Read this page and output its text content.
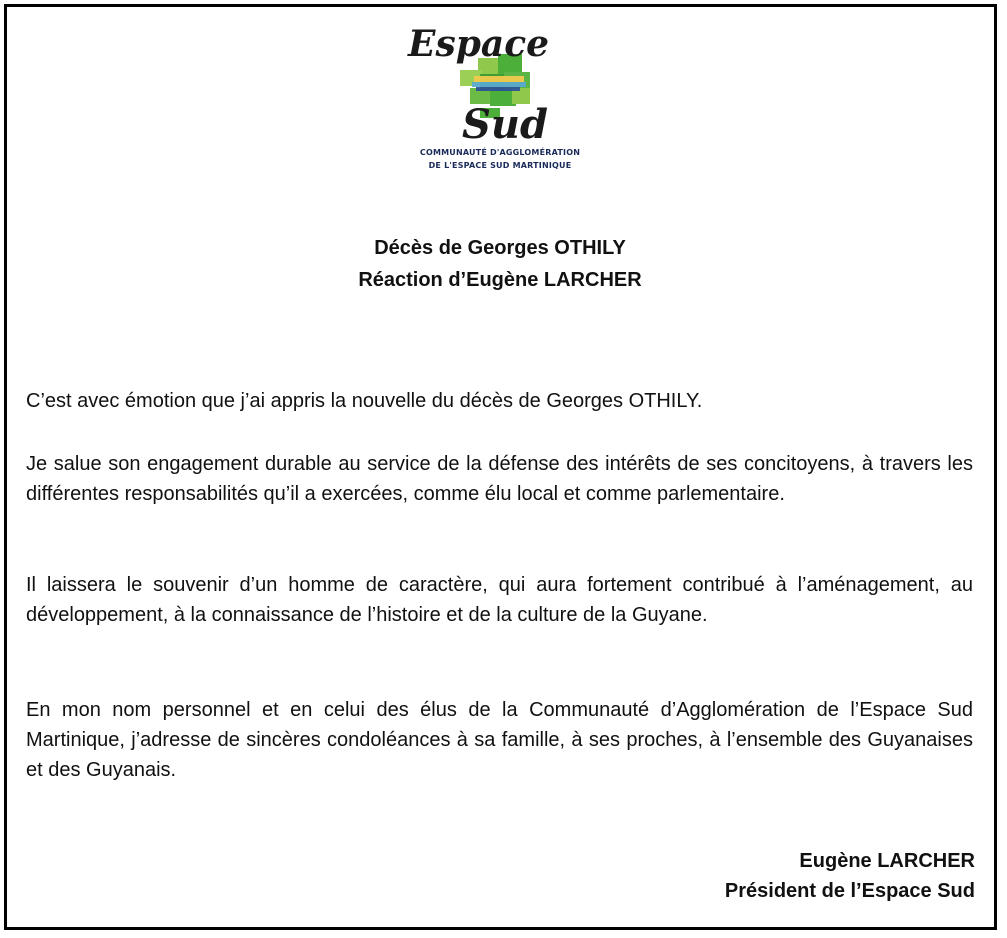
Espace
Sud
COMMUNAUTÉ D'AGGLOMÉRATION
DE L'ESPACE SUD MARTINIQUE
Décès de Georges OTHILY
Réaction d’Eugène LARCHER

C’est avec émotion que j’ai appris la nouvelle du décès de Georges OTHILY.

Je salue son engagement durable au service de la défense des intérêts de ses concitoyens, à travers les différentes responsabilités qu’il a exercées, comme élu local et comme parlementaire.

Il laissera le souvenir d’un homme de caractère, qui aura fortement contribué à l’aménagement, au développement, à la connaissance de l’histoire et de la culture de la Guyane.

En mon nom personnel et en celui des élus de la Communauté d’Agglomération de l’Espace Sud Martinique, j’adresse de sincères condoléances à sa famille, à ses proches, à l’ensemble des Guyanaises et des Guyanais.

Eugène LARCHER
Président de l’Espace Sud
